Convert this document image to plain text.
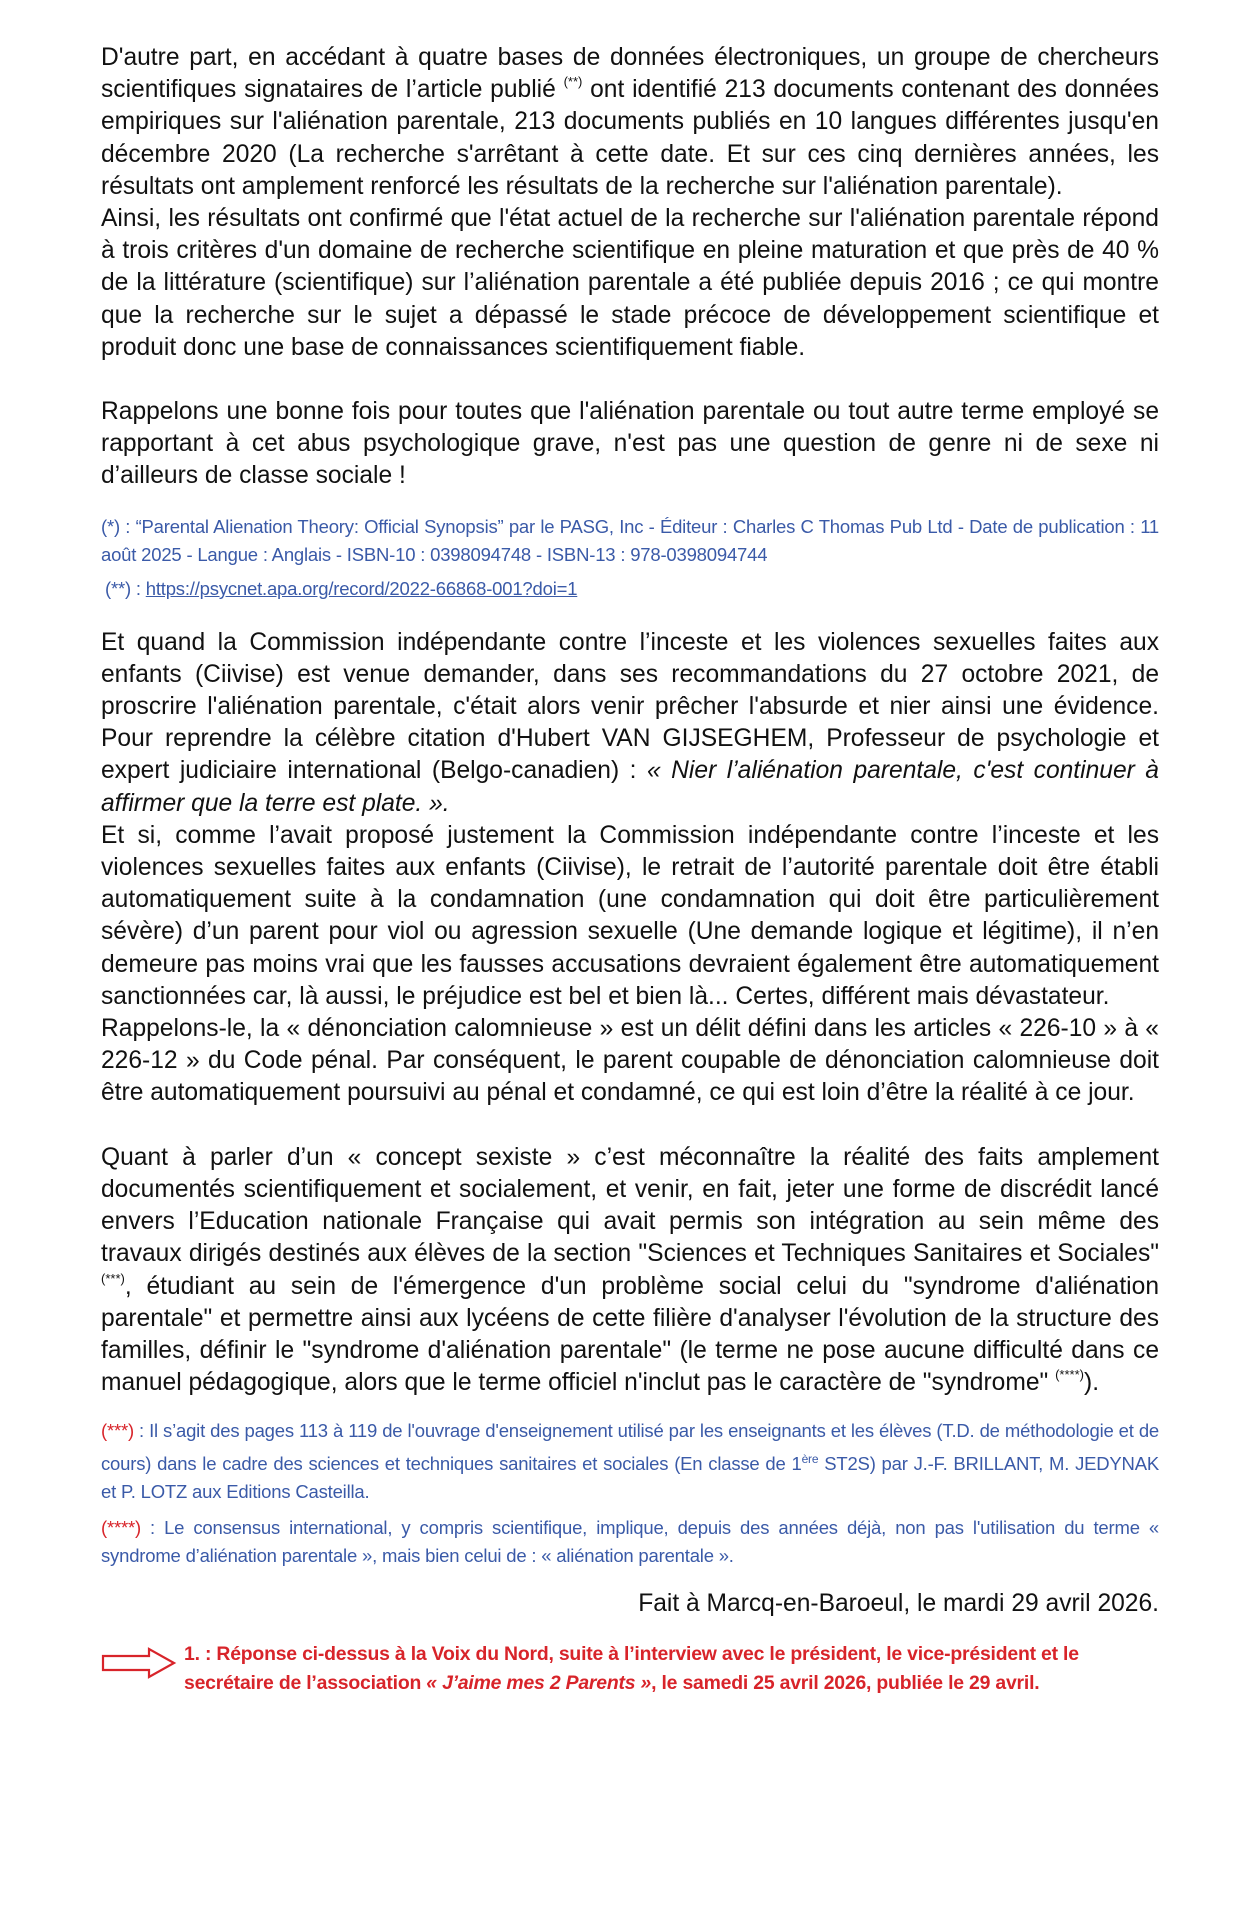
D'autre part, en accédant à quatre bases de données électroniques, un groupe de chercheurs scientifiques signataires de l’article publié (**) ont identifié 213 documents contenant des données empiriques sur l'aliénation parentale, 213 documents publiés en 10 langues différentes jusqu'en décembre 2020 (La recherche s'arrêtant à cette date. Et sur ces cinq dernières années, les résultats ont amplement renforcé les résultats de la recherche sur l'aliénation parentale).

Ainsi, les résultats ont confirmé que l'état actuel de la recherche sur l'aliénation parentale répond à trois critères d'un domaine de recherche scientifique en pleine maturation et que près de 40 % de la littérature (scientifique) sur l’aliénation parentale a été publiée depuis 2016 ; ce qui montre que la recherche sur le sujet a dépassé le stade précoce de développement scientifique et produit donc une base de connaissances scientifiquement fiable.

Rappelons une bonne fois pour toutes que l'aliénation parentale ou tout autre terme employé se rapportant à cet abus psychologique grave, n'est pas une question de genre ni de sexe ni d’ailleurs de classe sociale !

(*) : “Parental Alienation Theory: Official Synopsis” par le PASG, Inc - Éditeur : Charles C Thomas Pub Ltd - Date de publication : 11 août 2025 - Langue : Anglais - ISBN-10 : 0398094748 - ISBN-13 : 978-0398094744

(**) : https://psycnet.apa.org/record/2022-66868-001?doi=1

Et quand la Commission indépendante contre l’inceste et les violences sexuelles faites aux enfants (Ciivise) est venue demander, dans ses recommandations du 27 octobre 2021, de proscrire l'aliénation parentale, c'était alors venir prêcher l'absurde et nier ainsi une évidence. Pour reprendre la célèbre citation d'Hubert VAN GIJSEGHEM, Professeur de psychologie et expert judiciaire international (Belgo-canadien) : « Nier l’aliénation parentale, c'est continuer à affirmer que la terre est plate. ».

Et si, comme l’avait proposé justement la Commission indépendante contre l’inceste et les violences sexuelles faites aux enfants (Ciivise), le retrait de l’autorité parentale doit être établi automatiquement suite à la condamnation (une condamnation qui doit être particulièrement sévère) d’un parent pour viol ou agression sexuelle (Une demande logique et légitime), il n’en demeure pas moins vrai que les fausses accusations devraient également être automatiquement sanctionnées car, là aussi, le préjudice est bel et bien là... Certes, différent mais dévastateur.

Rappelons-le, la « dénonciation calomnieuse » est un délit défini dans les articles « 226-10 » à « 226-12 » du Code pénal. Par conséquent, le parent coupable de dénonciation calomnieuse doit être automatiquement poursuivi au pénal et condamné, ce qui est loin d’être la réalité à ce jour.

Quant à parler d’un « concept sexiste » c’est méconnaître la réalité des faits amplement documentés scientifiquement et socialement, et venir, en fait, jeter une forme de discrédit lancé envers l’Education nationale Française qui avait permis son intégration au sein même des travaux dirigés destinés aux élèves de la section "Sciences et Techniques Sanitaires et Sociales" (***), étudiant au sein de l'émergence d'un problème social celui du "syndrome d'aliénation parentale" et permettre ainsi aux lycéens de cette filière d'analyser l'évolution de la structure des familles, définir le "syndrome d'aliénation parentale" (le terme ne pose aucune difficulté dans ce manuel pédagogique, alors que le terme officiel n'inclut pas le caractère de "syndrome" (****)).

(***) : Il s’agit des pages 113 à 119 de l'ouvrage d'enseignement utilisé par les enseignants et les élèves (T.D. de méthodologie et de cours) dans le cadre des sciences et techniques sanitaires et sociales (En classe de 1ère ST2S) par J.-F. BRILLANT, M. JEDYNAK et P. LOTZ aux Editions Casteilla.

(****) : Le consensus international, y compris scientifique, implique, depuis des années déjà, non pas l'utilisation du terme « syndrome d’aliénation parentale », mais bien celui de : « aliénation parentale ».

Fait à Marcq-en-Baroeul, le mardi 29 avril 2026.

1. : Réponse ci-dessus à la Voix du Nord, suite à l’interview avec le président, le vice-président et le secrétaire de l’association « J’aime mes 2 Parents », le samedi 25 avril 2026, publiée le 29 avril.
